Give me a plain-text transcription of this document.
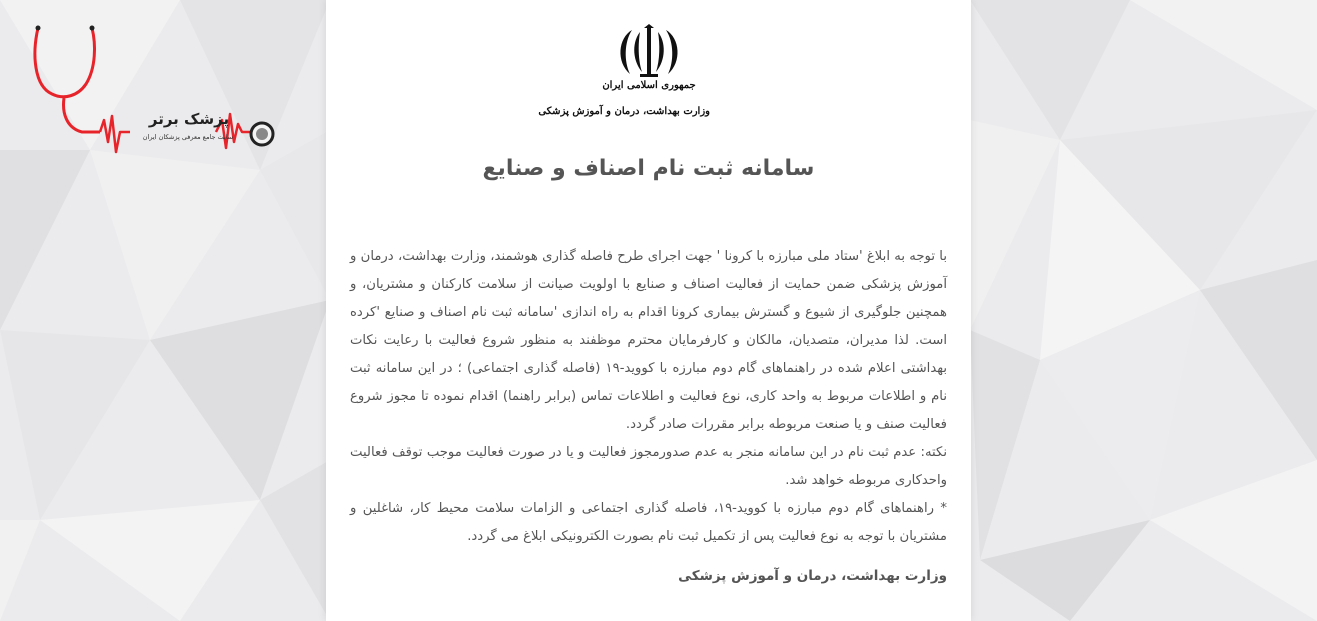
پزشک برتر
سایت جامع معرفی پزشکان ایران
جمهوری اسلامی ایران
وزارت بهداشت، درمان و آموزش پزشکی
سامانه ثبت نام اصناف و صنایع

با توجه به ابلاغ 'ستاد ملی مبارزه با کرونا ' جهت اجرای طرح فاصله گذاری هوشمند، وزارت بهداشت، درمان و آموزش پزشکی ضمن حمایت از فعالیت اصناف و صنایع با اولویت صیانت از سلامت کارکنان و مشتریان، و همچنین جلوگیری از شیوع و گسترش بیماری کرونا اقدام به راه اندازی 'سامانه ثبت نام اصناف و صنایع 'کرده است. لذا مدیران، متصدیان، مالکان و کارفرمایان محترم موظفند به منظور شروع فعالیت با رعایت نکات بهداشتی اعلام شده در راهنماهای گام دوم مبارزه با کووید-۱۹ (فاصله گذاری اجتماعی) ؛ در این سامانه ثبت نام و اطلاعات مربوط به واحد کاری، نوع فعالیت و اطلاعات تماس (برابر راهنما) اقدام نموده تا مجوز شروع فعالیت صنف و یا صنعت مربوطه برابر مقررات صادر گردد.

نکته: عدم ثبت نام در این سامانه منجر به عدم صدورمجوز فعالیت و یا در صورت فعالیت موجب توقف فعالیت واحدکاری مربوطه خواهد شد.

* راهنماهای گام دوم مبارزه با کووید-۱۹، فاصله گذاری اجتماعی و الزامات سلامت محیط کار، شاغلین و مشتریان با توجه به نوع فعالیت پس از تکمیل ثبت نام بصورت الکترونیکی ابلاغ می گردد.

وزارت بهداشت، درمان و آموزش پزشکی
